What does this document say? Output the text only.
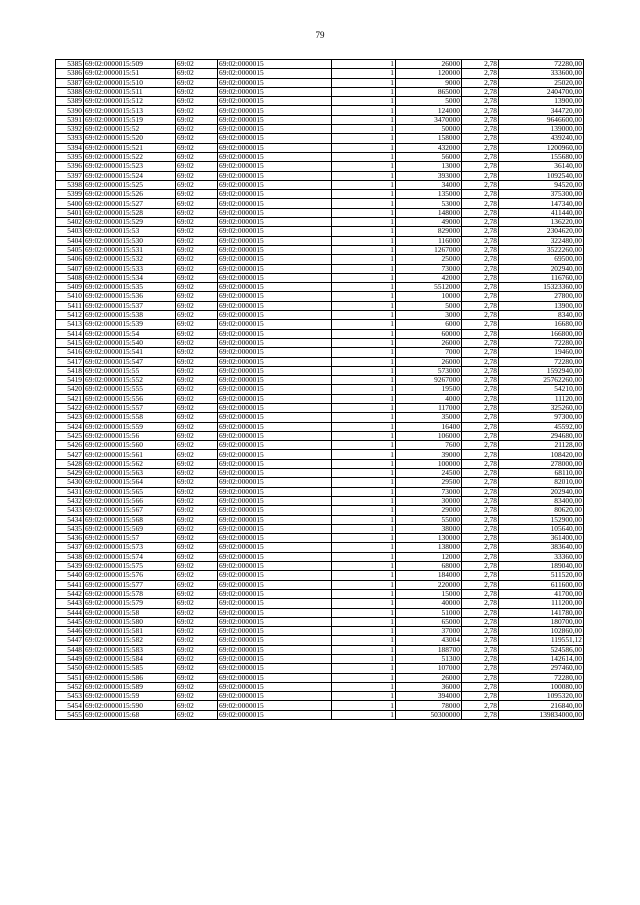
79
5385	69:02:0000015:509	69:02	69:02:0000015	1	26000	2,78	72280,00
5386	69:02:0000015:51	69:02	69:02:0000015	1	120000	2,78	333600,00
5387	69:02:0000015:510	69:02	69:02:0000015	1	9000	2,78	25020,00
5388	69:02:0000015:511	69:02	69:02:0000015	1	865000	2,78	2404700,00
5389	69:02:0000015:512	69:02	69:02:0000015	1	5000	2,78	13900,00
5390	69:02:0000015:513	69:02	69:02:0000015	1	124000	2,78	344720,00
5391	69:02:0000015:519	69:02	69:02:0000015	1	3470000	2,78	9646600,00
5392	69:02:0000015:52	69:02	69:02:0000015	1	50000	2,78	139000,00
5393	69:02:0000015:520	69:02	69:02:0000015	1	158000	2,78	439240,00
5394	69:02:0000015:521	69:02	69:02:0000015	1	432000	2,78	1200960,00
5395	69:02:0000015:522	69:02	69:02:0000015	1	56000	2,78	155680,00
5396	69:02:0000015:523	69:02	69:02:0000015	1	13000	2,78	36140,00
5397	69:02:0000015:524	69:02	69:02:0000015	1	393000	2,78	1092540,00
5398	69:02:0000015:525	69:02	69:02:0000015	1	34000	2,78	94520,00
5399	69:02:0000015:526	69:02	69:02:0000015	1	135000	2,78	375300,00
5400	69:02:0000015:527	69:02	69:02:0000015	1	53000	2,78	147340,00
5401	69:02:0000015:528	69:02	69:02:0000015	1	148000	2,78	411440,00
5402	69:02:0000015:529	69:02	69:02:0000015	1	49000	2,78	136220,00
5403	69:02:0000015:53	69:02	69:02:0000015	1	829000	2,78	2304620,00
5404	69:02:0000015:530	69:02	69:02:0000015	1	116000	2,78	322480,00
5405	69:02:0000015:531	69:02	69:02:0000015	1	1267000	2,78	3522260,00
5406	69:02:0000015:532	69:02	69:02:0000015	1	25000	2,78	69500,00
5407	69:02:0000015:533	69:02	69:02:0000015	1	73000	2,78	202940,00
5408	69:02:0000015:534	69:02	69:02:0000015	1	42000	2,78	116760,00
5409	69:02:0000015:535	69:02	69:02:0000015	1	5512000	2,78	15323360,00
5410	69:02:0000015:536	69:02	69:02:0000015	1	10000	2,78	27800,00
5411	69:02:0000015:537	69:02	69:02:0000015	1	5000	2,78	13900,00
5412	69:02:0000015:538	69:02	69:02:0000015	1	3000	2,78	8340,00
5413	69:02:0000015:539	69:02	69:02:0000015	1	6000	2,78	16680,00
5414	69:02:0000015:54	69:02	69:02:0000015	1	60000	2,78	166800,00
5415	69:02:0000015:540	69:02	69:02:0000015	1	26000	2,78	72280,00
5416	69:02:0000015:541	69:02	69:02:0000015	1	7000	2,78	19460,00
5417	69:02:0000015:547	69:02	69:02:0000015	1	26000	2,78	72280,00
5418	69:02:0000015:55	69:02	69:02:0000015	1	573000	2,78	1592940,00
5419	69:02:0000015:552	69:02	69:02:0000015	1	9267000	2,78	25762260,00
5420	69:02:0000015:555	69:02	69:02:0000015	1	19500	2,78	54210,00
5421	69:02:0000015:556	69:02	69:02:0000015	1	4000	2,78	11120,00
5422	69:02:0000015:557	69:02	69:02:0000015	1	117000	2,78	325260,00
5423	69:02:0000015:558	69:02	69:02:0000015	1	35000	2,78	97300,00
5424	69:02:0000015:559	69:02	69:02:0000015	1	16400	2,78	45592,00
5425	69:02:0000015:56	69:02	69:02:0000015	1	106000	2,78	294680,00
5426	69:02:0000015:560	69:02	69:02:0000015	1	7600	2,78	21128,00
5427	69:02:0000015:561	69:02	69:02:0000015	1	39000	2,78	108420,00
5428	69:02:0000015:562	69:02	69:02:0000015	1	100000	2,78	278000,00
5429	69:02:0000015:563	69:02	69:02:0000015	1	24500	2,78	68110,00
5430	69:02:0000015:564	69:02	69:02:0000015	1	29500	2,78	82010,00
5431	69:02:0000015:565	69:02	69:02:0000015	1	73000	2,78	202940,00
5432	69:02:0000015:566	69:02	69:02:0000015	1	30000	2,78	83400,00
5433	69:02:0000015:567	69:02	69:02:0000015	1	29000	2,78	80620,00
5434	69:02:0000015:568	69:02	69:02:0000015	1	55000	2,78	152900,00
5435	69:02:0000015:569	69:02	69:02:0000015	1	38000	2,78	105640,00
5436	69:02:0000015:57	69:02	69:02:0000015	1	130000	2,78	361400,00
5437	69:02:0000015:573	69:02	69:02:0000015	1	138000	2,78	383640,00
5438	69:02:0000015:574	69:02	69:02:0000015	1	12000	2,78	33360,00
5439	69:02:0000015:575	69:02	69:02:0000015	1	68000	2,78	189040,00
5440	69:02:0000015:576	69:02	69:02:0000015	1	184000	2,78	511520,00
5441	69:02:0000015:577	69:02	69:02:0000015	1	220000	2,78	611600,00
5442	69:02:0000015:578	69:02	69:02:0000015	1	15000	2,78	41700,00
5443	69:02:0000015:579	69:02	69:02:0000015	1	40000	2,78	111200,00
5444	69:02:0000015:58	69:02	69:02:0000015	1	51000	2,78	141780,00
5445	69:02:0000015:580	69:02	69:02:0000015	1	65000	2,78	180700,00
5446	69:02:0000015:581	69:02	69:02:0000015	1	37000	2,78	102860,00
5447	69:02:0000015:582	69:02	69:02:0000015	1	43004	2,78	119551,12
5448	69:02:0000015:583	69:02	69:02:0000015	1	188700	2,78	524586,00
5449	69:02:0000015:584	69:02	69:02:0000015	1	51300	2,78	142614,00
5450	69:02:0000015:585	69:02	69:02:0000015	1	107000	2,78	297460,00
5451	69:02:0000015:586	69:02	69:02:0000015	1	26000	2,78	72280,00
5452	69:02:0000015:589	69:02	69:02:0000015	1	36000	2,78	100080,00
5453	69:02:0000015:59	69:02	69:02:0000015	1	394000	2,78	1095320,00
5454	69:02:0000015:590	69:02	69:02:0000015	1	78000	2,78	216840,00
5455	69:02:0000015:68	69:02	69:02:0000015	1	50300000	2,78	139834000,00
